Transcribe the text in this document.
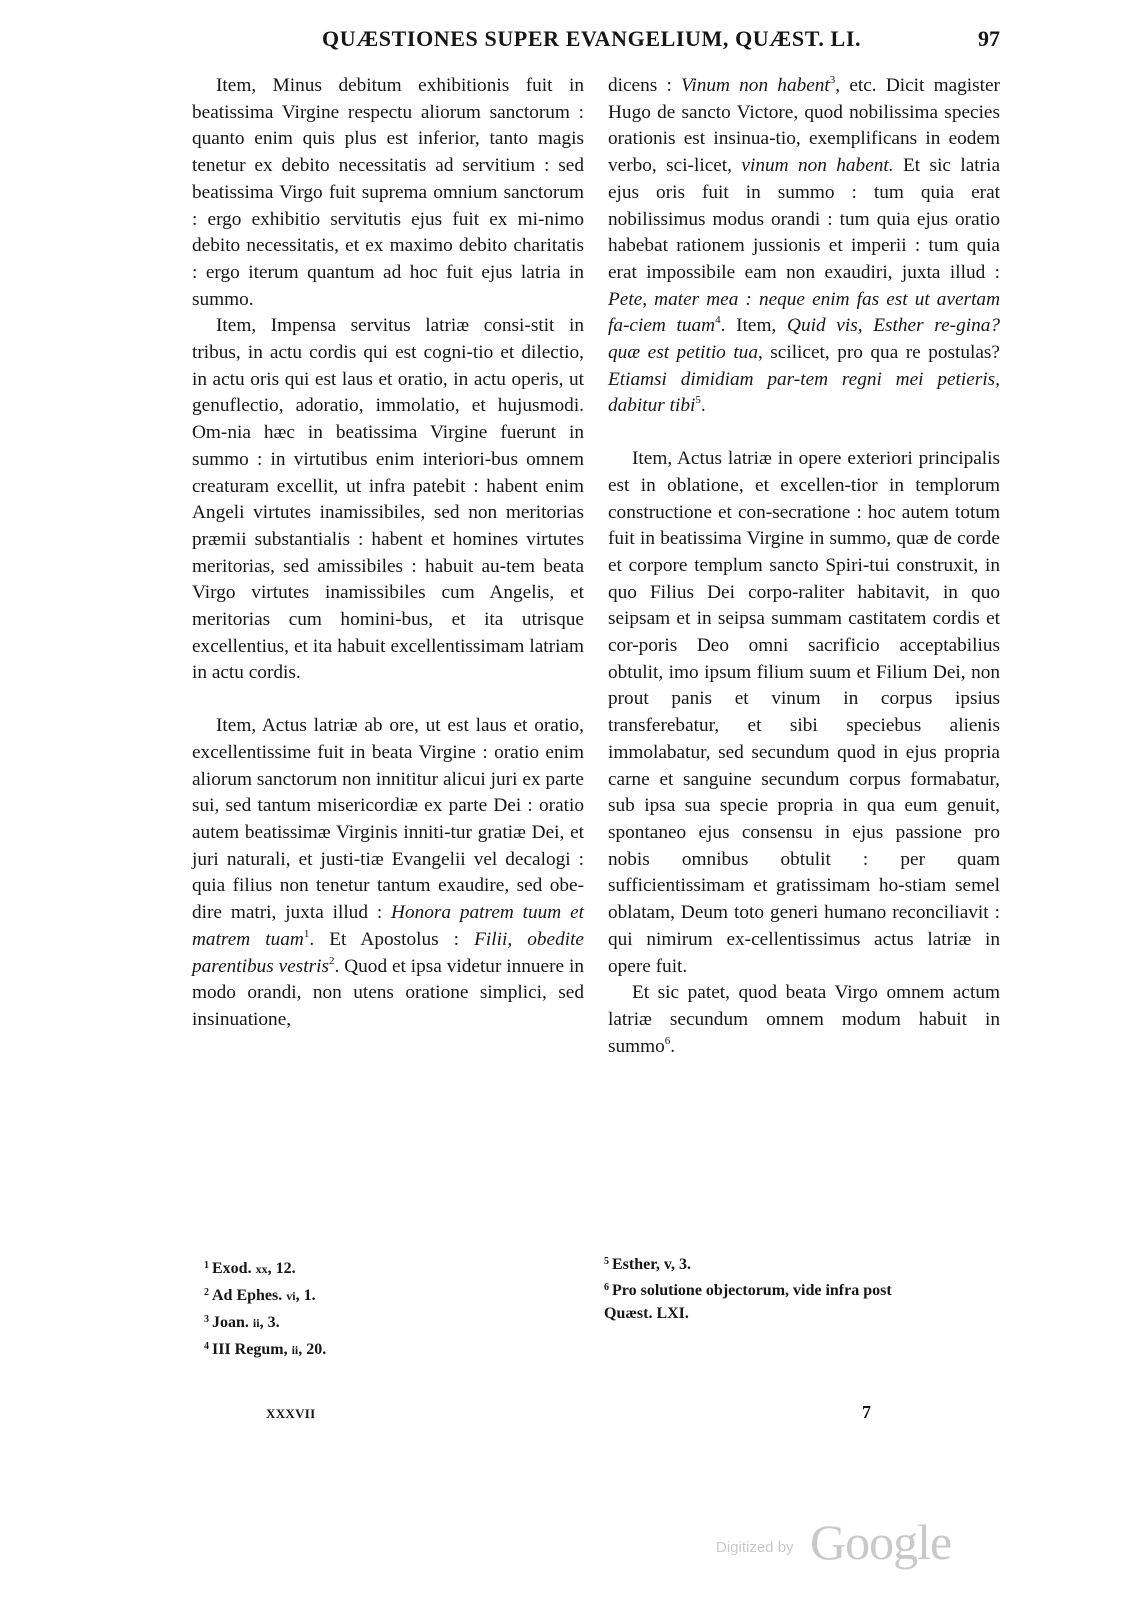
QUÆSTIONES SUPER EVANGELIUM, QUÆST. LI.	97

Item, Minus debitum exhibitionis fuit in beatissima Virgine respectu aliorum sanctorum : quanto enim quis plus est inferior, tanto magis tenetur ex debito necessitatis ad servitium : sed beatissima Virgo fuit suprema omnium sanctorum : ergo exhibitio servitutis ejus fuit ex mi-nimo debito necessitatis, et ex maximo debito charitatis : ergo iterum quantum ad hoc fuit ejus latria in summo.

Item, Impensa servitus latriæ consi-stit in tribus, in actu cordis qui est cogni-tio et dilectio, in actu oris qui est laus et oratio, in actu operis, ut genuflectio, adoratio, immolatio, et hujusmodi. Om-nia hæc in beatissima Virgine fuerunt in summo : in virtutibus enim interiori-bus omnem creaturam excellit, ut infra patebit : habent enim Angeli virtutes inamissibiles, sed non meritorias præmii substantialis : habent et homines virtutes meritorias, sed amissibiles : habuit au-tem beata Virgo virtutes inamissibiles cum Angelis, et meritorias cum homini-bus, et ita utrisque excellentius, et ita habuit excellentissimam latriam in actu cordis.

Item, Actus latriæ ab ore, ut est laus et oratio, excellentissime fuit in beata Virgine : oratio enim aliorum sanctorum non innititur alicui juri ex parte sui, sed tantum misericordiæ ex parte Dei : oratio autem beatissimæ Virginis inniti-tur gratiæ Dei, et juri naturali, et justi-tiæ Evangelii vel decalogi : quia filius non tenetur tantum exaudire, sed obe-dire matri, juxta illud : Honora patrem tuum et matrem tuam$^1$. Et Apostolus : Filii, obedite parentibus vestris$^2$. Quod et ipsa videtur innuere in modo orandi, non utens oratione simplici, sed insinuatione,

dicens : Vinum non habent$^3$, etc. Dicit magister Hugo de sancto Victore, quod nobilissima species orationis est insinua-tio, exemplificans in eodem verbo, sci-licet, vinum non habent. Et sic latria ejus oris fuit in summo : tum quia erat nobilissimus modus orandi : tum quia ejus oratio habebat rationem jussionis et imperii : tum quia erat impossibile eam non exaudiri, juxta illud : Pete, mater mea : neque enim fas est ut avertam fa-ciem tuam$^4$. Item, Quid vis, Esther re-gina? quæ est petitio tua, scilicet, pro qua re postulas? Etiamsi dimidiam par-tem regni mei petieris, dabitur tibi$^5$.

Item, Actus latriæ in opere exteriori principalis est in oblatione, et excellen-tior in templorum constructione et con-secratione : hoc autem totum fuit in beatissima Virgine in summo, quæ de corde et corpore templum sancto Spiri-tui construxit, in quo Filius Dei corpo-raliter habitavit, in quo seipsam et in seipsa summam castitatem cordis et cor-poris Deo omni sacrificio acceptabilius obtulit, imo ipsum filium suum et Filium Dei, non prout panis et vinum in corpus ipsius transferebatur, et sibi speciebus alienis immolabatur, sed secundum quod in ejus propria carne et sanguine secundum corpus formabatur, sub ipsa sua specie propria in qua eum genuit, spontaneo ejus consensu in ejus passione pro nobis omnibus obtulit : per quam sufficientissimam et gratissimam ho-stiam semel oblatam, Deum toto generi humano reconciliavit : qui nimirum ex-cellentissimus actus latriæ in opere fuit.

Et sic patet, quod beata Virgo omnem actum latriæ secundum omnem modum habuit in summo$^6$.

$^1$ Exod. xx, 12.
$^2$ Ad Ephes. vi, 1.
$^3$ Joan. ii, 3.
$^4$ III Regum, ii, 20.
$^5$ Esther, v, 3.
$^6$ Pro solutione objectorum, vide infra post
Quæst. LXI.
XXXVII	7
Digitized by Google
